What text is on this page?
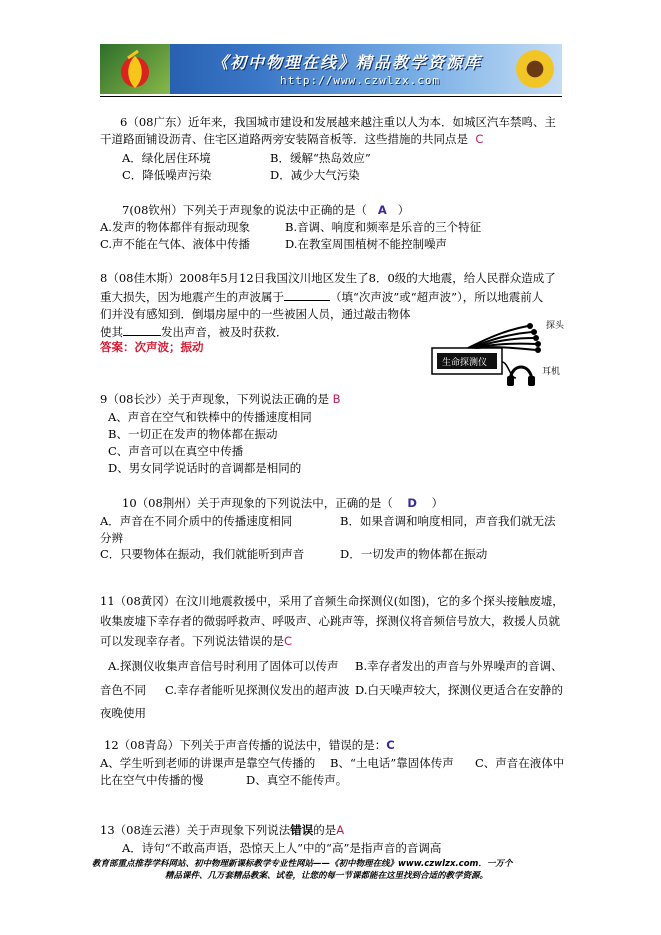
《初中物理在线》精品教学资源库
http://www.czwlzx.com
6（08广东）近年来，我国城市建设和发展越来越注重以人为本．如城区汽车禁鸣、主
干道路面铺设沥青、住宅区道路两旁安装隔音板等．这些措施的共同点是 C
A．绿化居住环境	B．缓解“热岛效应”
C．降低噪声污染	D．减少大气污染
7(08钦州）下列关于声现象的说法中正确的是（ A ）
A.发声的物体都伴有振动现象	B.音调、响度和频率是乐音的三个特征
C.声不能在气体、液体中传播	D.在教室周围植树不能控制噪声
8（08佳木斯）2008年5月12日我国汶川地区发生了8．0级的大地震，给人民群众造成了
重大损失，因为地震产生的声波属于	（填“次声波”或“超声波”），所以地震前人
们并没有感知到．倒塌房屋中的一些被困人员，通过敲击物体
使其	发出声音，被及时获救．
答案：次声波；振动
生命探测仪
探头
耳机
9（08长沙）关于声现象，下列说法正确的是 B
A、声音在空气和铁棒中的传播速度相同
B、一切正在发声的物体都在振动
C、声音可以在真空中传播
D、男女同学说话时的音调都是相同的
10（08荆州）关于声现象的下列说法中，正确的是（ D ）
A．声音在不同介质中的传播速度相同	B．如果音调和响度相同，声音我们就无法
分辨
C．只要物体在振动，我们就能听到声音	D．一切发声的物体都在振动
11（08黄冈）在汶川地震救援中，采用了音频生命探测仪(如图)，它的多个探头接触废墟，
收集废墟下幸存者的微弱呼救声、呼吸声、心跳声等，探测仪将音频信号放大，救援人员就
可以发现幸存者。下列说法错误的是C
A.探测仪收集声音信号时利用了固体可以传声 B.幸存者发出的声音与外界噪声的音调、
音色不同 C.幸存者能听见探测仪发出的超声波 D.白天噪声较大，探测仪更适合在安静的
夜晚使用
12（08青岛）下列关于声音传播的说法中，错误的是：C
A、学生听到老师的讲课声是靠空气传播的 B、“土电话”靠固体传声 C、声音在液体中
比在空气中传播的慢	D、真空不能传声。
13（08连云港）关于声现象下列说法错误的是A
A．诗句“不敢高声语，恐惊天上人”中的“高”是指声音的音调高
教育部重点推荐学科网站、初中物理新课标教学专业性网站——《初中物理在线》www.czwlzx.com．一万个
精品课件、几万套精品教案、试卷，让您的每一节课都能在这里找到合适的教学资源。
